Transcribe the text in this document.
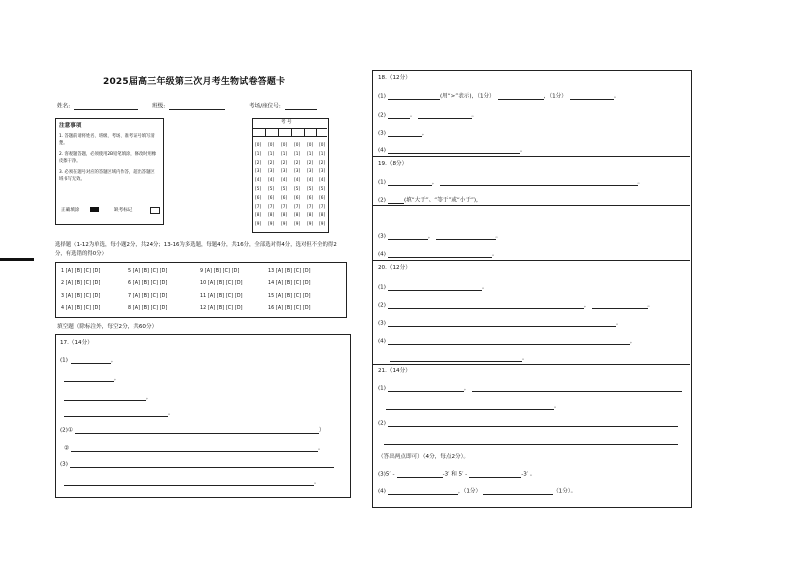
2025届高三年级第三次月考生物试卷答题卡
姓名:	班级:	考场/座位号:
注意事项
1. 答题前请将姓名、班级、考场、准考证号填写清楚。
2. 客观题答题，必须使用2B铅笔填涂，修改时用橡皮擦干净。
3. 必须在题号对应的答题区域内作答，超出答题区域书写无效。
正确填涂	缺考标记
考 号
[0] [0] [0] [0] [0] [0]
[1] [1] [1] [1] [1] [1]
[2] [2] [2] [2] [2] [2]
[3] [3] [3] [3] [3] [3]
[4] [4] [4] [4] [4] [4]
[5] [5] [5] [5] [5] [5]
[6] [6] [6] [6] [6] [6]
[7] [7] [7] [7] [7] [7]
[8] [8] [8] [8] [8] [8]
[9] [9] [9] [9] [9] [9]
选择题（1-12为单选，每小题2分，共24分；13-16为多选题，每题4分，共16分，全部选对得4分，选对但不全的得2分，有选错的得0分）
1 [A] [B] [C] [D]	5 [A] [B] [C] [D]	9 [A] [B] [C] [D]	13 [A] [B] [C] [D]
2 [A] [B] [C] [D]	6 [A] [B] [C] [D]	10 [A] [B] [C] [D]	14 [A] [B] [C] [D]
3 [A] [B] [C] [D]	7 [A] [B] [C] [D]	11 [A] [B] [C] [D]	15 [A] [B] [C] [D]
4 [A] [B] [C] [D]	8 [A] [B] [C] [D]	12 [A] [B] [C] [D]	16 [A] [B] [C] [D]
填空题（除标注外，每空2分，共60分）
17.（14分）
(1)	，
，
，
。
(2)①	）
②	。
(3)
。
18.（12分）
(1)	(用“>”表示)，（1分）	，（1分）	。
(2)	。	。
(3)	，
(4)	。
19.（8分）
(1)	，	。
(2)	(填“大于”、“等于”或“小于”)，
(3)	，	。
(4)	。
20.（12分）
(1)	。
(2)	，	。
(3)	。
(4)	，
。
21.（14分）
(1)	，
。
(2)
（答出两点即可）（4分，每点2分）。
(3)5′ -	-3′ 和 5′ -	-3′ 。
(4)	，（1分）	（1分）。
